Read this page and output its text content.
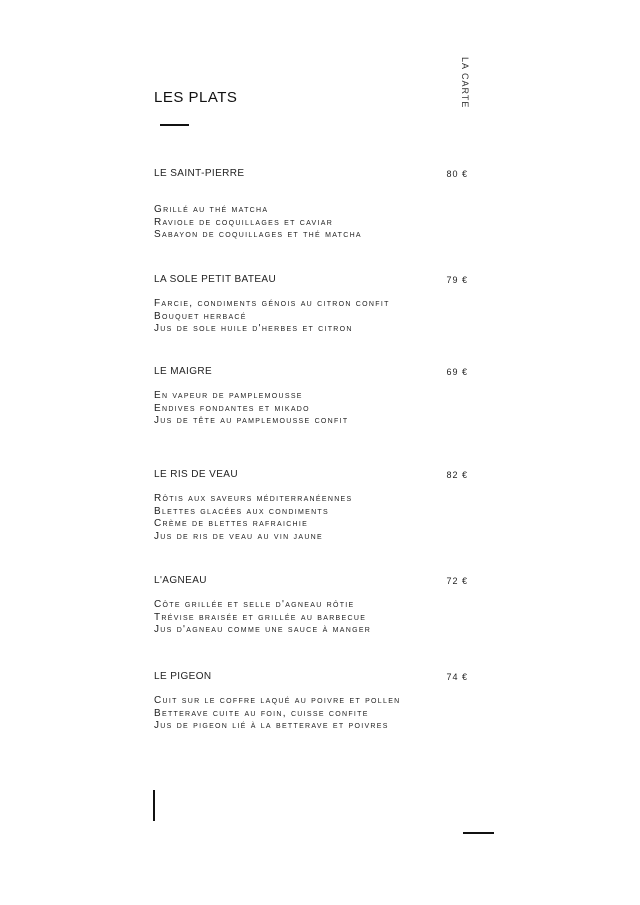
LA CARTE
LES PLATS
LE SAINT-PIERRE	80 €
Grillé au thé matcha
Raviole de coquillages et caviar
Sabayon de coquillages et thé matcha
LA SOLE PETIT BATEAU	79 €
Farcie, condiments génois au citron confit
Bouquet herbacé
Jus de sole huile d'herbes et citron
LE MAIGRE	69 €
En vapeur de pamplemousse
Endives fondantes et mikado
Jus de tête au pamplemousse confit
LE RIS DE VEAU	82 €
Rôtis aux saveurs méditerranéennes
Blettes glacées aux condiments
Crème de blettes rafraichie
Jus de ris de veau au vin jaune
L'AGNEAU	72 €
Côte grillée et selle d'agneau rôtie
Trévise braisée et grillée au barbecue
Jus d'agneau comme une sauce à manger
LE PIGEON	74 €
Cuit sur le coffre laqué au poivre et pollen
Betterave cuite au foin, cuisse confite
Jus de pigeon lié à la betterave et poivres
